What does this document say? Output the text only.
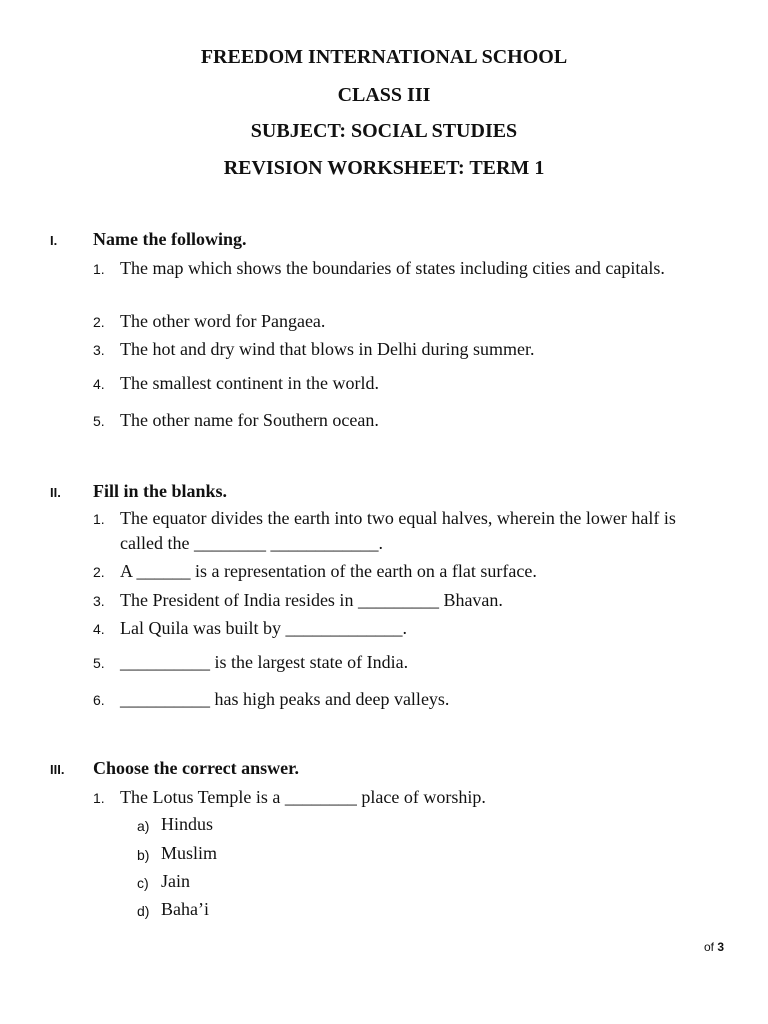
FREEDOM INTERNATIONAL SCHOOL
CLASS III
SUBJECT: SOCIAL STUDIES
REVISION WORKSHEET: TERM 1
I. Name the following.
1. The map which shows the boundaries of states including cities and capitals.
2. The other word for Pangaea.
3. The hot and dry wind that blows in Delhi during summer.
4. The smallest continent in the world.
5. The other name for Southern ocean.
II. Fill in the blanks.
1. The equator divides the earth into two equal halves, wherein the lower half is called the ________ ____________.
2. A ______ is a representation of the earth on a flat surface.
3. The President of India resides in _________ Bhavan.
4. Lal Quila was built by _____________.
5. __________ is the largest state of India.
6. __________ has high peaks and deep valleys.
III. Choose the correct answer.
1. The Lotus Temple is a ________ place of worship.
a) Hindus
b) Muslim
c) Jain
d) Baha’i
of 3
